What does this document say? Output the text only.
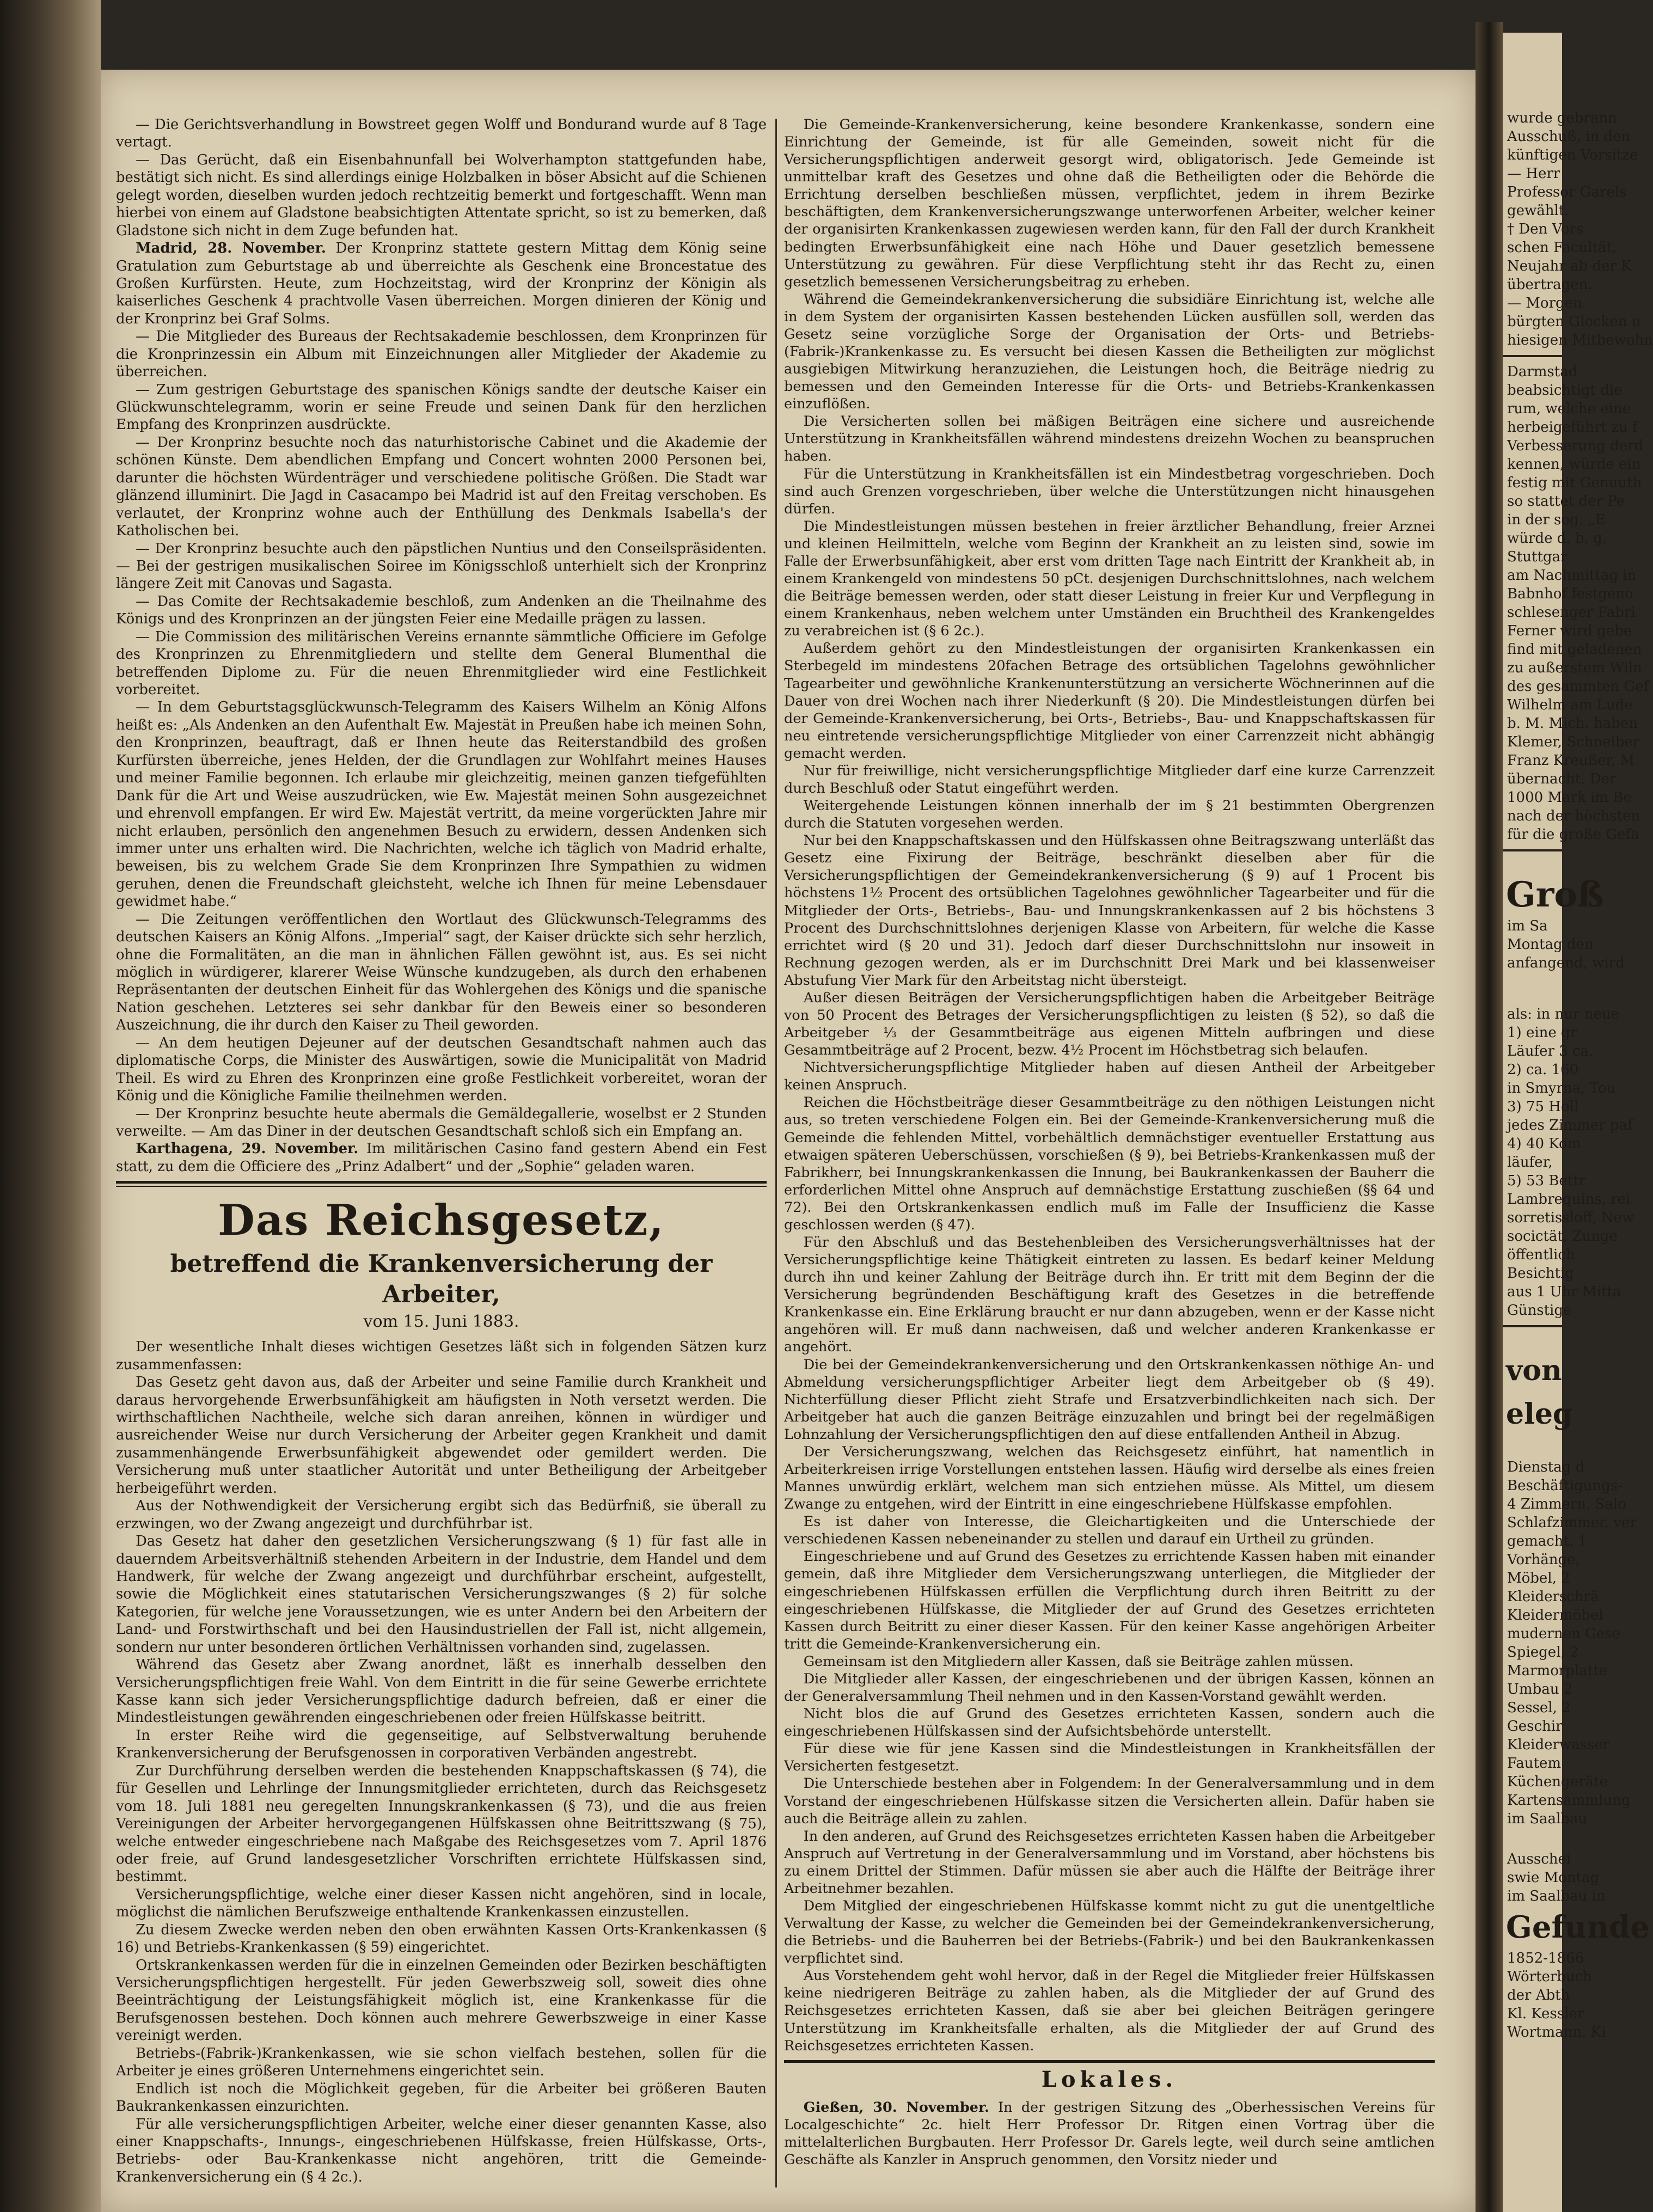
— Die Gerichtsverhandlung in Bowstreet gegen Wolff und Bondurand wurde auf 8 Tage vertagt.

— Das Gerücht, daß ein Eisenbahnunfall bei Wolverhampton stattgefunden habe, bestätigt sich nicht. Es sind allerdings einige Holzbalken in böser Absicht auf die Schienen gelegt worden, dieselben wurden jedoch rechtzeitig bemerkt und fortgeschafft. Wenn man hierbei von einem auf Gladstone beabsichtigten Attentate spricht, so ist zu bemerken, daß Gladstone sich nicht in dem Zuge befunden hat.

Madrid, 28. November. Der Kronprinz stattete gestern Mittag dem König seine Gratulation zum Geburtstage ab und überreichte als Geschenk eine Broncestatue des Großen Kurfürsten. Heute, zum Hochzeitstag, wird der Kronprinz der Königin als kaiserliches Geschenk 4 prachtvolle Vasen überreichen. Morgen dinieren der König und der Kronprinz bei Graf Solms.

— Die Mitglieder des Bureaus der Rechtsakademie beschlossen, dem Kronprinzen für die Kronprinzessin ein Album mit Einzeichnungen aller Mitglieder der Akademie zu überreichen.

— Zum gestrigen Geburtstage des spanischen Königs sandte der deutsche Kaiser ein Glückwunschtelegramm, worin er seine Freude und seinen Dank für den herzlichen Empfang des Kronprinzen ausdrückte.

— Der Kronprinz besuchte noch das naturhistorische Cabinet und die Akademie der schönen Künste. Dem abendlichen Empfang und Concert wohnten 2000 Personen bei, darunter die höchsten Würdenträger und verschiedene politische Größen. Die Stadt war glänzend illuminirt. Die Jagd in Casacampo bei Madrid ist auf den Freitag verschoben. Es verlautet, der Kronprinz wohne auch der Enthüllung des Denkmals Isabella's der Katholischen bei.

— Der Kronprinz besuchte auch den päpstlichen Nuntius und den Conseilspräsidenten. — Bei der gestrigen musikalischen Soiree im Königsschloß unterhielt sich der Kronprinz längere Zeit mit Canovas und Sagasta.

— Das Comite der Rechtsakademie beschloß, zum Andenken an die Theilnahme des Königs und des Kronprinzen an der jüngsten Feier eine Medaille prägen zu lassen.

— Die Commission des militärischen Vereins ernannte sämmtliche Officiere im Gefolge des Kronprinzen zu Ehrenmitgliedern und stellte dem General Blumenthal die betreffenden Diplome zu. Für die neuen Ehrenmitglieder wird eine Festlichkeit vorbereitet.

— In dem Geburtstagsglückwunsch-Telegramm des Kaisers Wilhelm an König Alfons heißt es: „Als Andenken an den Aufenthalt Ew. Majestät in Preußen habe ich meinen Sohn, den Kronprinzen, beauftragt, daß er Ihnen heute das Reiterstandbild des großen Kurfürsten überreiche, jenes Helden, der die Grundlagen zur Wohlfahrt meines Hauses und meiner Familie begonnen. Ich erlaube mir gleichzeitig, meinen ganzen tiefgefühlten Dank für die Art und Weise auszudrücken, wie Ew. Majestät meinen Sohn ausgezeichnet und ehrenvoll empfangen. Er wird Ew. Majestät vertritt, da meine vorgerückten Jahre mir nicht erlauben, persönlich den angenehmen Besuch zu erwidern, dessen Andenken sich immer unter uns erhalten wird. Die Nachrichten, welche ich täglich von Madrid erhalte, beweisen, bis zu welchem Grade Sie dem Kronprinzen Ihre Sympathien zu widmen geruhen, denen die Freundschaft gleichsteht, welche ich Ihnen für meine Lebensdauer gewidmet habe.“

— Die Zeitungen veröffentlichen den Wortlaut des Glückwunsch-Telegramms des deutschen Kaisers an König Alfons. „Imperial“ sagt, der Kaiser drückte sich sehr herzlich, ohne die Formalitäten, an die man in ähnlichen Fällen gewöhnt ist, aus. Es sei nicht möglich in würdigerer, klarerer Weise Wünsche kundzugeben, als durch den erhabenen Repräsentanten der deutschen Einheit für das Wohlergehen des Königs und die spanische Nation geschehen. Letzteres sei sehr dankbar für den Beweis einer so besonderen Auszeichnung, die ihr durch den Kaiser zu Theil geworden.

— An dem heutigen Dejeuner auf der deutschen Gesandtschaft nahmen auch das diplomatische Corps, die Minister des Auswärtigen, sowie die Municipalität von Madrid Theil. Es wird zu Ehren des Kronprinzen eine große Festlichkeit vorbereitet, woran der König und die Königliche Familie theilnehmen werden.

— Der Kronprinz besuchte heute abermals die Gemäldegallerie, woselbst er 2 Stunden verweilte. — Am das Diner in der deutschen Gesandtschaft schloß sich ein Empfang an.

Karthagena, 29. November. Im militärischen Casino fand gestern Abend ein Fest statt, zu dem die Officiere des „Prinz Adalbert“ und der „Sophie“ geladen waren.

Das Reichsgesetz,
betreffend die Krankenversicherung der Arbeiter,
vom 15. Juni 1883.

Der wesentliche Inhalt dieses wichtigen Gesetzes läßt sich in folgenden Sätzen kurz zusammenfassen:

Das Gesetz geht davon aus, daß der Arbeiter und seine Familie durch Krankheit und daraus hervorgehende Erwerbsunfähigkeit am häufigsten in Noth versetzt werden. Die wirthschaftlichen Nachtheile, welche sich daran anreihen, können in würdiger und ausreichender Weise nur durch Versicherung der Arbeiter gegen Krankheit und damit zusammenhängende Erwerbsunfähigkeit abgewendet oder gemildert werden. Die Versicherung muß unter staatlicher Autorität und unter Betheiligung der Arbeitgeber herbeigeführt werden.

Aus der Nothwendigkeit der Versicherung ergibt sich das Bedürfniß, sie überall zu erzwingen, wo der Zwang angezeigt und durchführbar ist.

Das Gesetz hat daher den gesetzlichen Versicherungszwang (§ 1) für fast alle in dauerndem Arbeitsverhältniß stehenden Arbeitern in der Industrie, dem Handel und dem Handwerk, für welche der Zwang angezeigt und durchführbar erscheint, aufgestellt, sowie die Möglichkeit eines statutarischen Versicherungszwanges (§ 2) für solche Kategorien, für welche jene Voraussetzungen, wie es unter Andern bei den Arbeitern der Land- und Forstwirthschaft und bei den Hausindustriellen der Fall ist, nicht allgemein, sondern nur unter besonderen örtlichen Verhältnissen vorhanden sind, zugelassen.

Während das Gesetz aber Zwang anordnet, läßt es innerhalb desselben den Versicherungspflichtigen freie Wahl. Von dem Eintritt in die für seine Gewerbe errichtete Kasse kann sich jeder Versicherungspflichtige dadurch befreien, daß er einer die Mindestleistungen gewährenden eingeschriebenen oder freien Hülfskasse beitritt.

In erster Reihe wird die gegenseitige, auf Selbstverwaltung beruhende Krankenversicherung der Berufsgenossen in corporativen Verbänden angestrebt.

Zur Durchführung derselben werden die bestehenden Knappschaftskassen (§ 74), die für Gesellen und Lehrlinge der Innungsmitglieder errichteten, durch das Reichsgesetz vom 18. Juli 1881 neu geregelten Innungskrankenkassen (§ 73), und die aus freien Vereinigungen der Arbeiter hervorgegangenen Hülfskassen ohne Beitrittszwang (§ 75), welche entweder eingeschriebene nach Maßgabe des Reichsgesetzes vom 7. April 1876 oder freie, auf Grund landesgesetzlicher Vorschriften errichtete Hülfskassen sind, bestimmt.

Versicherungspflichtige, welche einer dieser Kassen nicht angehören, sind in locale, möglichst die nämlichen Berufszweige enthaltende Krankenkassen einzustellen.

Zu diesem Zwecke werden neben den oben erwähnten Kassen Orts-Krankenkassen (§ 16) und Betriebs-Krankenkassen (§ 59) eingerichtet.

Ortskrankenkassen werden für die in einzelnen Gemeinden oder Bezirken beschäftigten Versicherungspflichtigen hergestellt. Für jeden Gewerbszweig soll, soweit dies ohne Beeinträchtigung der Leistungsfähigkeit möglich ist, eine Krankenkasse für die Berufsgenossen bestehen. Doch können auch mehrere Gewerbszweige in einer Kasse vereinigt werden.

Betriebs-(Fabrik-)Krankenkassen, wie sie schon vielfach bestehen, sollen für die Arbeiter je eines größeren Unternehmens eingerichtet sein.

Endlich ist noch die Möglichkeit gegeben, für die Arbeiter bei größeren Bauten Baukrankenkassen einzurichten.

Für alle versicherungspflichtigen Arbeiter, welche einer dieser genannten Kasse, also einer Knappschafts-, Innungs-, eingeschriebenen Hülfskasse, freien Hülfskasse, Orts-, Betriebs- oder Bau-Krankenkasse nicht angehören, tritt die Gemeinde-Krankenversicherung ein (§ 4 2c.).

Die Gemeinde-Krankenversicherung, keine besondere Krankenkasse, sondern eine Einrichtung der Gemeinde, ist für alle Gemeinden, soweit nicht für die Versicherungspflichtigen anderweit gesorgt wird, obligatorisch. Jede Gemeinde ist unmittelbar kraft des Gesetzes und ohne daß die Betheiligten oder die Behörde die Errichtung derselben beschließen müssen, verpflichtet, jedem in ihrem Bezirke beschäftigten, dem Krankenversicherungszwange unterworfenen Arbeiter, welcher keiner der organisirten Krankenkassen zugewiesen werden kann, für den Fall der durch Krankheit bedingten Erwerbsunfähigkeit eine nach Höhe und Dauer gesetzlich bemessene Unterstützung zu gewähren. Für diese Verpflichtung steht ihr das Recht zu, einen gesetzlich bemessenen Versicherungsbeitrag zu erheben.

Während die Gemeindekrankenversicherung die subsidiäre Einrichtung ist, welche alle in dem System der organisirten Kassen bestehenden Lücken ausfüllen soll, werden das Gesetz seine vorzügliche Sorge der Organisation der Orts- und Betriebs-(Fabrik-)Krankenkasse zu. Es versucht bei diesen Kassen die Betheiligten zur möglichst ausgiebigen Mitwirkung heranzuziehen, die Leistungen hoch, die Beiträge niedrig zu bemessen und den Gemeinden Interesse für die Orts- und Betriebs-Krankenkassen einzuflößen.

Die Versicherten sollen bei mäßigen Beiträgen eine sichere und ausreichende Unterstützung in Krankheitsfällen während mindestens dreizehn Wochen zu beanspruchen haben.

Für die Unterstützung in Krankheitsfällen ist ein Mindestbetrag vorgeschrieben. Doch sind auch Grenzen vorgeschrieben, über welche die Unterstützungen nicht hinausgehen dürfen.

Die Mindestleistungen müssen bestehen in freier ärztlicher Behandlung, freier Arznei und kleinen Heilmitteln, welche vom Beginn der Krankheit an zu leisten sind, sowie im Falle der Erwerbsunfähigkeit, aber erst vom dritten Tage nach Eintritt der Krankheit ab, in einem Krankengeld von mindestens 50 pCt. desjenigen Durchschnittslohnes, nach welchem die Beiträge bemessen werden, oder statt dieser Leistung in freier Kur und Verpflegung in einem Krankenhaus, neben welchem unter Umständen ein Bruchtheil des Krankengeldes zu verabreichen ist (§ 6 2c.).

Außerdem gehört zu den Mindestleistungen der organisirten Krankenkassen ein Sterbegeld im mindestens 20fachen Betrage des ortsüblichen Tagelohns gewöhnlicher Tagearbeiter und gewöhnliche Krankenunterstützung an versicherte Wöchnerinnen auf die Dauer von drei Wochen nach ihrer Niederkunft (§ 20). Die Mindestleistungen dürfen bei der Gemeinde-Krankenversicherung, bei Orts-, Betriebs-, Bau- und Knappschaftskassen für neu eintretende versicherungspflichtige Mitglieder von einer Carrenzzeit nicht abhängig gemacht werden.

Nur für freiwillige, nicht versicherungspflichtige Mitglieder darf eine kurze Carrenzzeit durch Beschluß oder Statut eingeführt werden.

Weitergehende Leistungen können innerhalb der im § 21 bestimmten Obergrenzen durch die Statuten vorgesehen werden.

Nur bei den Knappschaftskassen und den Hülfskassen ohne Beitragszwang unterläßt das Gesetz eine Fixirung der Beiträge, beschränkt dieselben aber für die Versicherungspflichtigen der Gemeindekrankenversicherung (§ 9) auf 1 Procent bis höchstens 1½ Procent des ortsüblichen Tagelohnes gewöhnlicher Tagearbeiter und für die Mitglieder der Orts-, Betriebs-, Bau- und Innungskrankenkassen auf 2 bis höchstens 3 Procent des Durchschnittslohnes derjenigen Klasse von Arbeitern, für welche die Kasse errichtet wird (§ 20 und 31). Jedoch darf dieser Durchschnittslohn nur insoweit in Rechnung gezogen werden, als er im Durchschnitt Drei Mark und bei klassenweiser Abstufung Vier Mark für den Arbeitstag nicht übersteigt.

Außer diesen Beiträgen der Versicherungspflichtigen haben die Arbeitgeber Beiträge von 50 Procent des Betrages der Versicherungspflichtigen zu leisten (§ 52), so daß die Arbeitgeber ⅓ der Gesammtbeiträge aus eigenen Mitteln aufbringen und diese Gesammtbeiträge auf 2 Procent, bezw. 4½ Procent im Höchstbetrag sich belaufen.

Nichtversicherungspflichtige Mitglieder haben auf diesen Antheil der Arbeitgeber keinen Anspruch.

Reichen die Höchstbeiträge dieser Gesammtbeiträge zu den nöthigen Leistungen nicht aus, so treten verschiedene Folgen ein. Bei der Gemeinde-Krankenversicherung muß die Gemeinde die fehlenden Mittel, vorbehältlich demnächstiger eventueller Erstattung aus etwaigen späteren Ueberschüssen, vorschießen (§ 9), bei Betriebs-Krankenkassen muß der Fabrikherr, bei Innungskrankenkassen die Innung, bei Baukrankenkassen der Bauherr die erforderlichen Mittel ohne Anspruch auf demnächstige Erstattung zuschießen (§§ 64 und 72). Bei den Ortskrankenkassen endlich muß im Falle der Insufficienz die Kasse geschlossen werden (§ 47).

Für den Abschluß und das Bestehenbleiben des Versicherungsverhältnisses hat der Versicherungspflichtige keine Thätigkeit eintreten zu lassen. Es bedarf keiner Meldung durch ihn und keiner Zahlung der Beiträge durch ihn. Er tritt mit dem Beginn der die Versicherung begründenden Beschäftigung kraft des Gesetzes in die betreffende Krankenkasse ein. Eine Erklärung braucht er nur dann abzugeben, wenn er der Kasse nicht angehören will. Er muß dann nachweisen, daß und welcher anderen Krankenkasse er angehört.

Die bei der Gemeindekrankenversicherung und den Ortskrankenkassen nöthige An- und Abmeldung versicherungspflichtiger Arbeiter liegt dem Arbeitgeber ob (§ 49). Nichterfüllung dieser Pflicht zieht Strafe und Ersatzverbindlichkeiten nach sich. Der Arbeitgeber hat auch die ganzen Beiträge einzuzahlen und bringt bei der regelmäßigen Lohnzahlung der Versicherungspflichtigen den auf diese entfallenden Antheil in Abzug.

Der Versicherungszwang, welchen das Reichsgesetz einführt, hat namentlich in Arbeiterkreisen irrige Vorstellungen entstehen lassen. Häufig wird derselbe als eines freien Mannes unwürdig erklärt, welchem man sich entziehen müsse. Als Mittel, um diesem Zwange zu entgehen, wird der Eintritt in eine eingeschriebene Hülfskasse empfohlen.

Es ist daher von Interesse, die Gleichartigkeiten und die Unterschiede der verschiedenen Kassen nebeneinander zu stellen und darauf ein Urtheil zu gründen.

Eingeschriebene und auf Grund des Gesetzes zu errichtende Kassen haben mit einander gemein, daß ihre Mitglieder dem Versicherungszwang unterliegen, die Mitglieder der eingeschriebenen Hülfskassen erfüllen die Verpflichtung durch ihren Beitritt zu der eingeschriebenen Hülfskasse, die Mitglieder der auf Grund des Gesetzes errichteten Kassen durch Beitritt zu einer dieser Kassen. Für den keiner Kasse angehörigen Arbeiter tritt die Gemeinde-Krankenversicherung ein.

Gemeinsam ist den Mitgliedern aller Kassen, daß sie Beiträge zahlen müssen.

Die Mitglieder aller Kassen, der eingeschriebenen und der übrigen Kassen, können an der Generalversammlung Theil nehmen und in den Kassen-Vorstand gewählt werden.

Nicht blos die auf Grund des Gesetzes errichteten Kassen, sondern auch die eingeschriebenen Hülfskassen sind der Aufsichtsbehörde unterstellt.

Für diese wie für jene Kassen sind die Mindestleistungen in Krankheitsfällen der Versicherten festgesetzt.

Die Unterschiede bestehen aber in Folgendem: In der Generalversammlung und in dem Vorstand der eingeschriebenen Hülfskasse sitzen die Versicherten allein. Dafür haben sie auch die Beiträge allein zu zahlen.

In den anderen, auf Grund des Reichsgesetzes errichteten Kassen haben die Arbeitgeber Anspruch auf Vertretung in der Generalversammlung und im Vorstand, aber höchstens bis zu einem Drittel der Stimmen. Dafür müssen sie aber auch die Hälfte der Beiträge ihrer Arbeitnehmer bezahlen.

Dem Mitglied der eingeschriebenen Hülfskasse kommt nicht zu gut die unentgeltliche Verwaltung der Kasse, zu welcher die Gemeinden bei der Gemeindekrankenversicherung, die Betriebs- und die Bauherren bei der Betriebs-(Fabrik-) und bei den Baukrankenkassen verpflichtet sind.

Aus Vorstehendem geht wohl hervor, daß in der Regel die Mitglieder freier Hülfskassen keine niedrigeren Beiträge zu zahlen haben, als die Mitglieder der auf Grund des Reichsgesetzes errichteten Kassen, daß sie aber bei gleichen Beiträgen geringere Unterstützung im Krankheitsfalle erhalten, als die Mitglieder der auf Grund des Reichsgesetzes errichteten Kassen.

Lokales.

Gießen, 30. November. In der gestrigen Sitzung des „Oberhessischen Vereins für Localgeschichte“ 2c. hielt Herr Professor Dr. Ritgen einen Vortrag über die mittelalterlichen Burgbauten. Herr Professor Dr. Garels legte, weil durch seine amtlichen Geschäfte als Kanzler in Anspruch genommen, den Vorsitz nieder und

wurde gebrann
Ausschuß, in den
künftigen Vorsitze
— Herr
Professor Garels
gewählt.
† Den Vors
schen Facultät,
Neujahr ab der K
übertragen.
— Morgen
bürgten Glocken u
hiesigen Mitbewohn
Darmstad
beabsichtigt die
rum, welche eine
herbeigeführt zu f
Verbesserung derd
kennen, würde ein
festig mit Genuuth
so stattet der Pe
in der sog. „E
würde d. b. g.
Stuttgar
am Nachmittag in
Babnhof festgeno
schlesenger Fabri
Ferner wird gebe
find mit geladenen
zu außerstem Wiln
des gesammten Gef
Wilhelm am Lude
b. M. Mich. haben
Klemer, Schneiber
Franz Kreußer, M
übernacht. Der
1000 Mark im Be
nach der höchsten
für die große Gefa
Groß
im Sa
Montag den
anfangend, wird
als: in nur neue
1) eine gr
Läufer 3 ca.
2) ca. 160
in Smyrna, Tou
3) 75 Holl
jedes Zimmer paf
4) 40 Kom
läufer,
5) 53 Bettr
Lambrequins, rei
sorretissloff, New
socictät, Zunge
öffentlich
Besichtig
aus 1 Uhr Mitta
Günstige
von eleg
Dienstag d
Beschäftigungs-
4 Zimmern, Salo
Schlafzimmer, ver
gemacht, 1
Vorhänge,
Möbel, 2
Kleiderschrä
Kleidermöbel
mudernen Gese
Spiegel, 2
Marmorplatte
Umbau 2
Sessel, 2
Geschir
Kleiderwasser
Fautem
Küchengeräte
Kartensammlung
im Saalbau
Ausschei
swie Montag
im Saalbau in
Gefunde
1852-1866
Wörterbuch
der Abth
Kl. Kessler
Wortmann, Ki
